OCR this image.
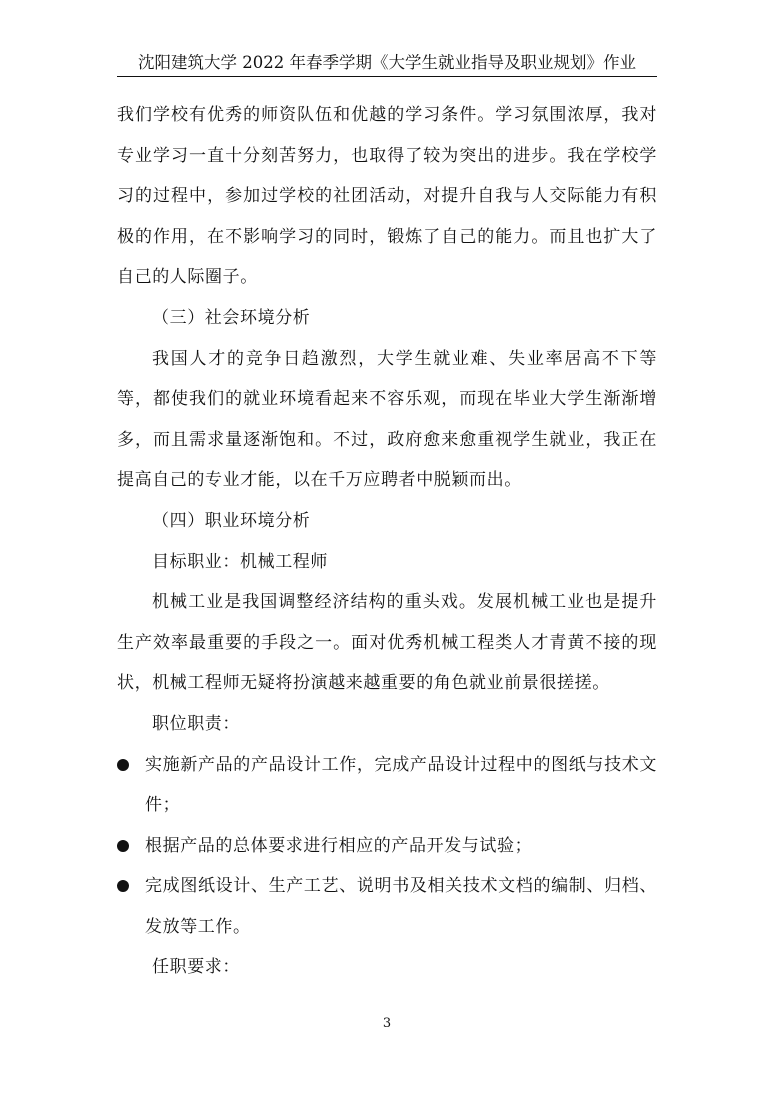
沈阳建筑大学 2022 年春季学期《大学生就业指导及职业规划》作业

我们学校有优秀的师资队伍和优越的学习条件。学习氛围浓厚，我对专业学习一直十分刻苦努力，也取得了较为突出的进步。我在学校学习的过程中，参加过学校的社团活动，对提升自我与人交际能力有积极的作用，在不影响学习的同时，锻炼了自己的能力。而且也扩大了自己的人际圈子。

（三）社会环境分析

我国人才的竞争日趋激烈，大学生就业难、失业率居高不下等等，都使我们的就业环境看起来不容乐观，而现在毕业大学生渐渐增多，而且需求量逐渐饱和。不过，政府愈来愈重视学生就业，我正在提高自己的专业才能，以在千万应聘者中脱颖而出。

（四）职业环境分析

目标职业：机械工程师

机械工业是我国调整经济结构的重头戏。发展机械工业也是提升生产效率最重要的手段之一。面对优秀机械工程类人才青黄不接的现状，机械工程师无疑将扮演越来越重要的角色就业前景很搓搓。

职位职责：

实施新产品的产品设计工作，完成产品设计过程中的图纸与技术文件；
根据产品的总体要求进行相应的产品开发与试验；
完成图纸设计、生产工艺、说明书及相关技术文档的编制、归档、发放等工作。

任职要求：

3
